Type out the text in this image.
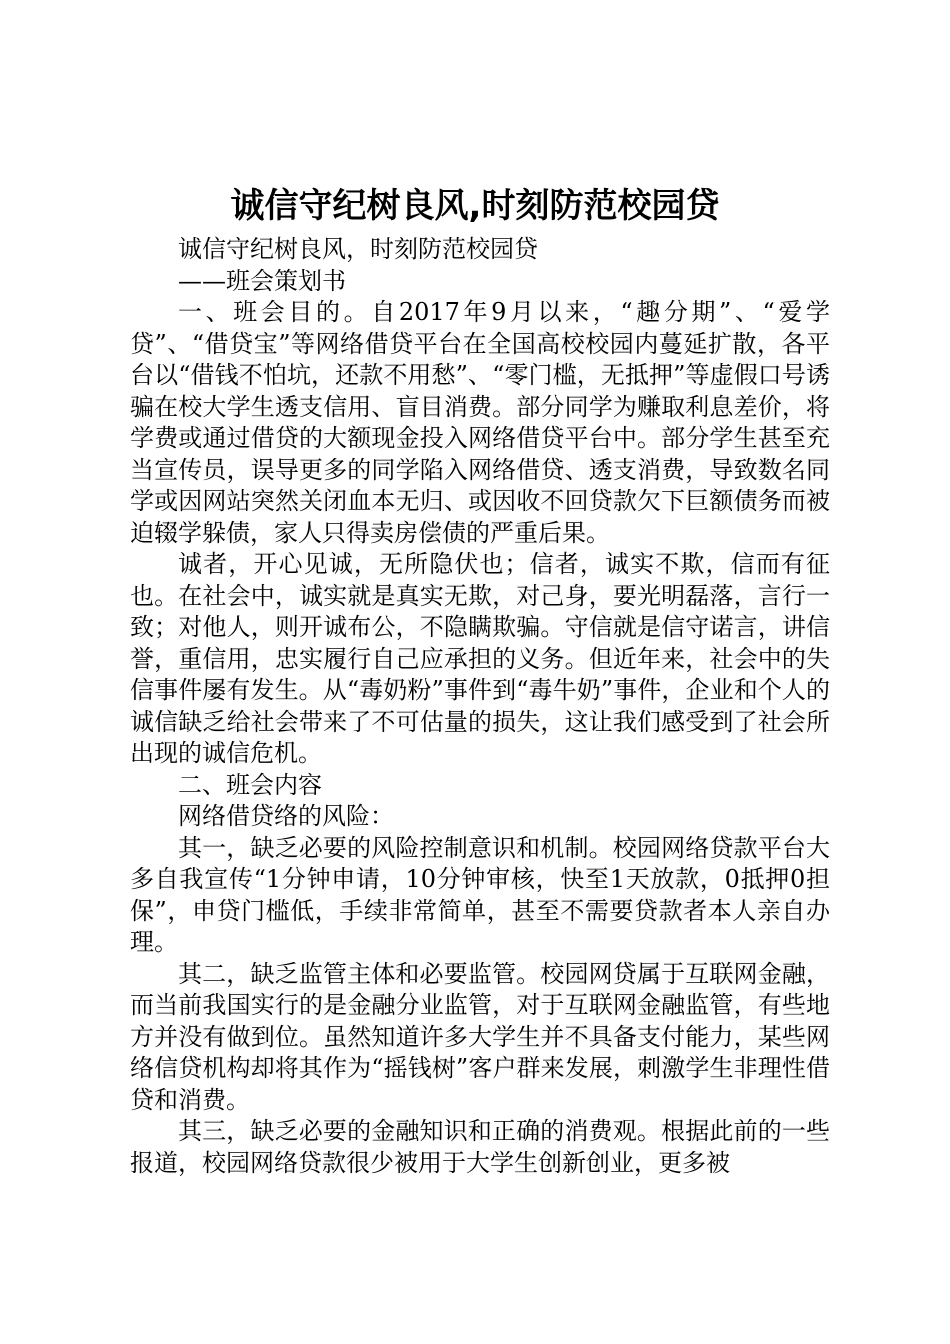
诚信守纪树良风,时刻防范校园贷

诚信守纪树良风，时刻防范校园贷

——班会策划书

一、班会目的。自2017年9月以来，“趣分期”、“爱学贷”、“借贷宝”等网络借贷平台在全国高校校园内蔓延扩散，各平台以“借钱不怕坑，还款不用愁”、“零门槛，无抵押”等虚假口号诱骗在校大学生透支信用、盲目消费。部分同学为赚取利息差价，将学费或通过借贷的大额现金投入网络借贷平台中。部分学生甚至充当宣传员，误导更多的同学陷入网络借贷、透支消费，导致数名同学或因网站突然关闭血本无归、或因收不回贷款欠下巨额债务而被迫辍学躲债，家人只得卖房偿债的严重后果。

诚者，开心见诚，无所隐伏也；信者，诚实不欺，信而有征也。在社会中，诚实就是真实无欺，对己身，要光明磊落，言行一致；对他人，则开诚布公，不隐瞒欺骗。守信就是信守诺言，讲信誉，重信用，忠实履行自己应承担的义务。但近年来，社会中的失信事件屡有发生。从“毒奶粉”事件到“毒牛奶”事件，企业和个人的诚信缺乏给社会带来了不可估量的损失，这让我们感受到了社会所出现的诚信危机。

二、班会内容

网络借贷络的风险：

其一，缺乏必要的风险控制意识和机制。校园网络贷款平台大多自我宣传“1分钟申请，10分钟审核，快至1天放款，0抵押0担保”，申贷门槛低，手续非常简单，甚至不需要贷款者本人亲自办理。

其二，缺乏监管主体和必要监管。校园网贷属于互联网金融，而当前我国实行的是金融分业监管，对于互联网金融监管，有些地方并没有做到位。虽然知道许多大学生并不具备支付能力，某些网络信贷机构却将其作为“摇钱树”客户群来发展，刺激学生非理性借贷和消费。

其三，缺乏必要的金融知识和正确的消费观。根据此前的一些报道，校园网络贷款很少被用于大学生创新创业，更多被
